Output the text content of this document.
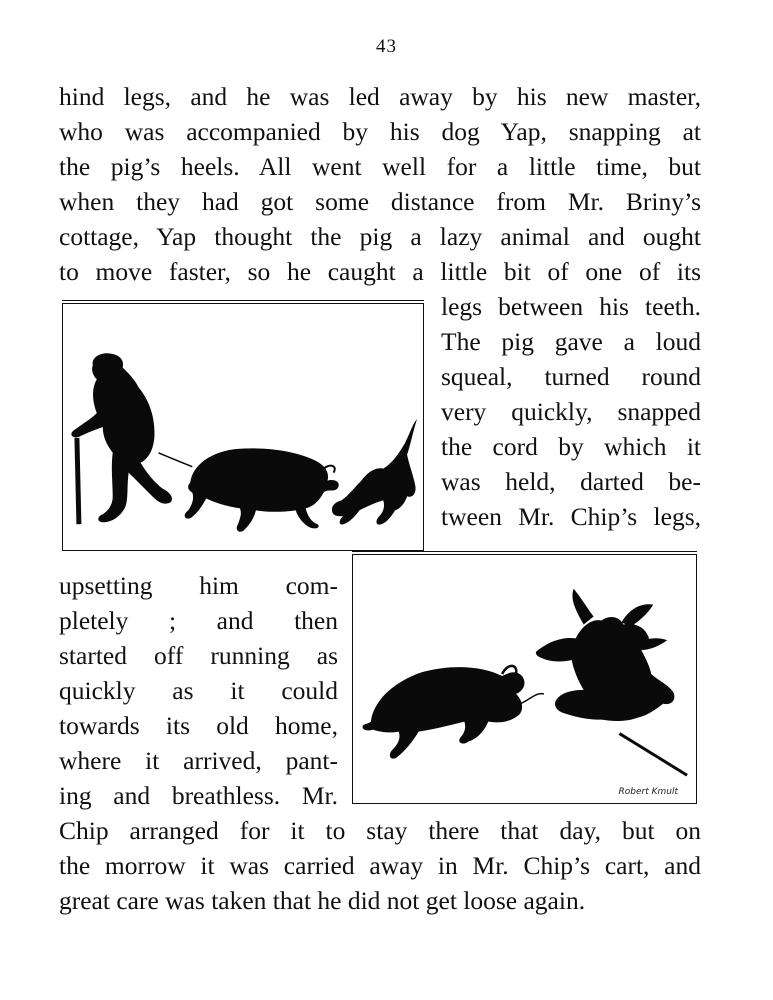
43

hind legs, and he was led away by his new master,

who was accompanied by his dog Yap, snapping at

the pig’s heels. All went well for a little time, but

when they had got some distance from Mr. Briny’s

cottage, Yap thought the pig a lazy animal and ought

to move faster, so he caught a little bit of one of its

legs between his teeth.

The pig gave a loud

squeal, turned round

very quickly, snapped

the cord by which it

was held, darted be-

tween Mr. Chip’s legs,

Robert Kmult

upsetting him com-

pletely ; and then

started off running as

quickly as it could

towards its old home,

where it arrived, pant-

ing and breathless. Mr.

Chip arranged for it to stay there that day, but on

the morrow it was carried away in Mr. Chip’s cart, and

great care was taken that he did not get loose again.
